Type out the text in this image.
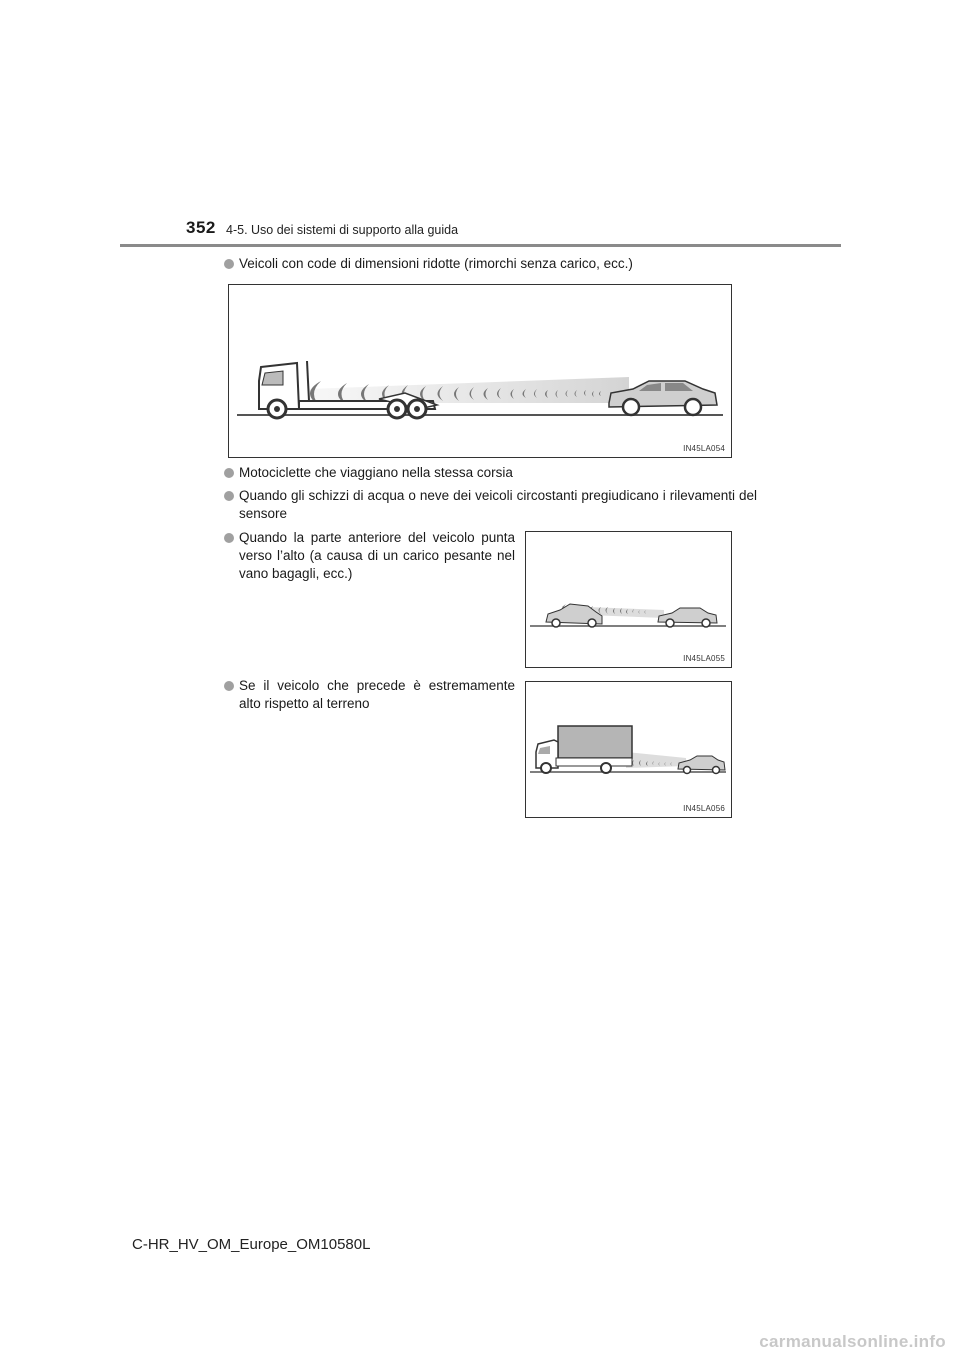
352 4-5. Uso dei sistemi di supporto alla guida
Veicoli con code di dimensioni ridotte (rimorchi senza carico, ecc.)
IN45LA054
Motociclette che viaggiano nella stessa corsia
Quando gli schizzi di acqua o neve dei veicoli circostanti pregiudicano i rilevamenti del sensore
Quando la parte anteriore del veicolo punta verso l’alto (a causa di un carico pesante nel vano bagagli, ecc.)
IN45LA055
Se il veicolo che precede è estremamente alto rispetto al terreno
IN45LA056
C-HR_HV_OM_Europe_OM10580L
carmanualsonline.info
